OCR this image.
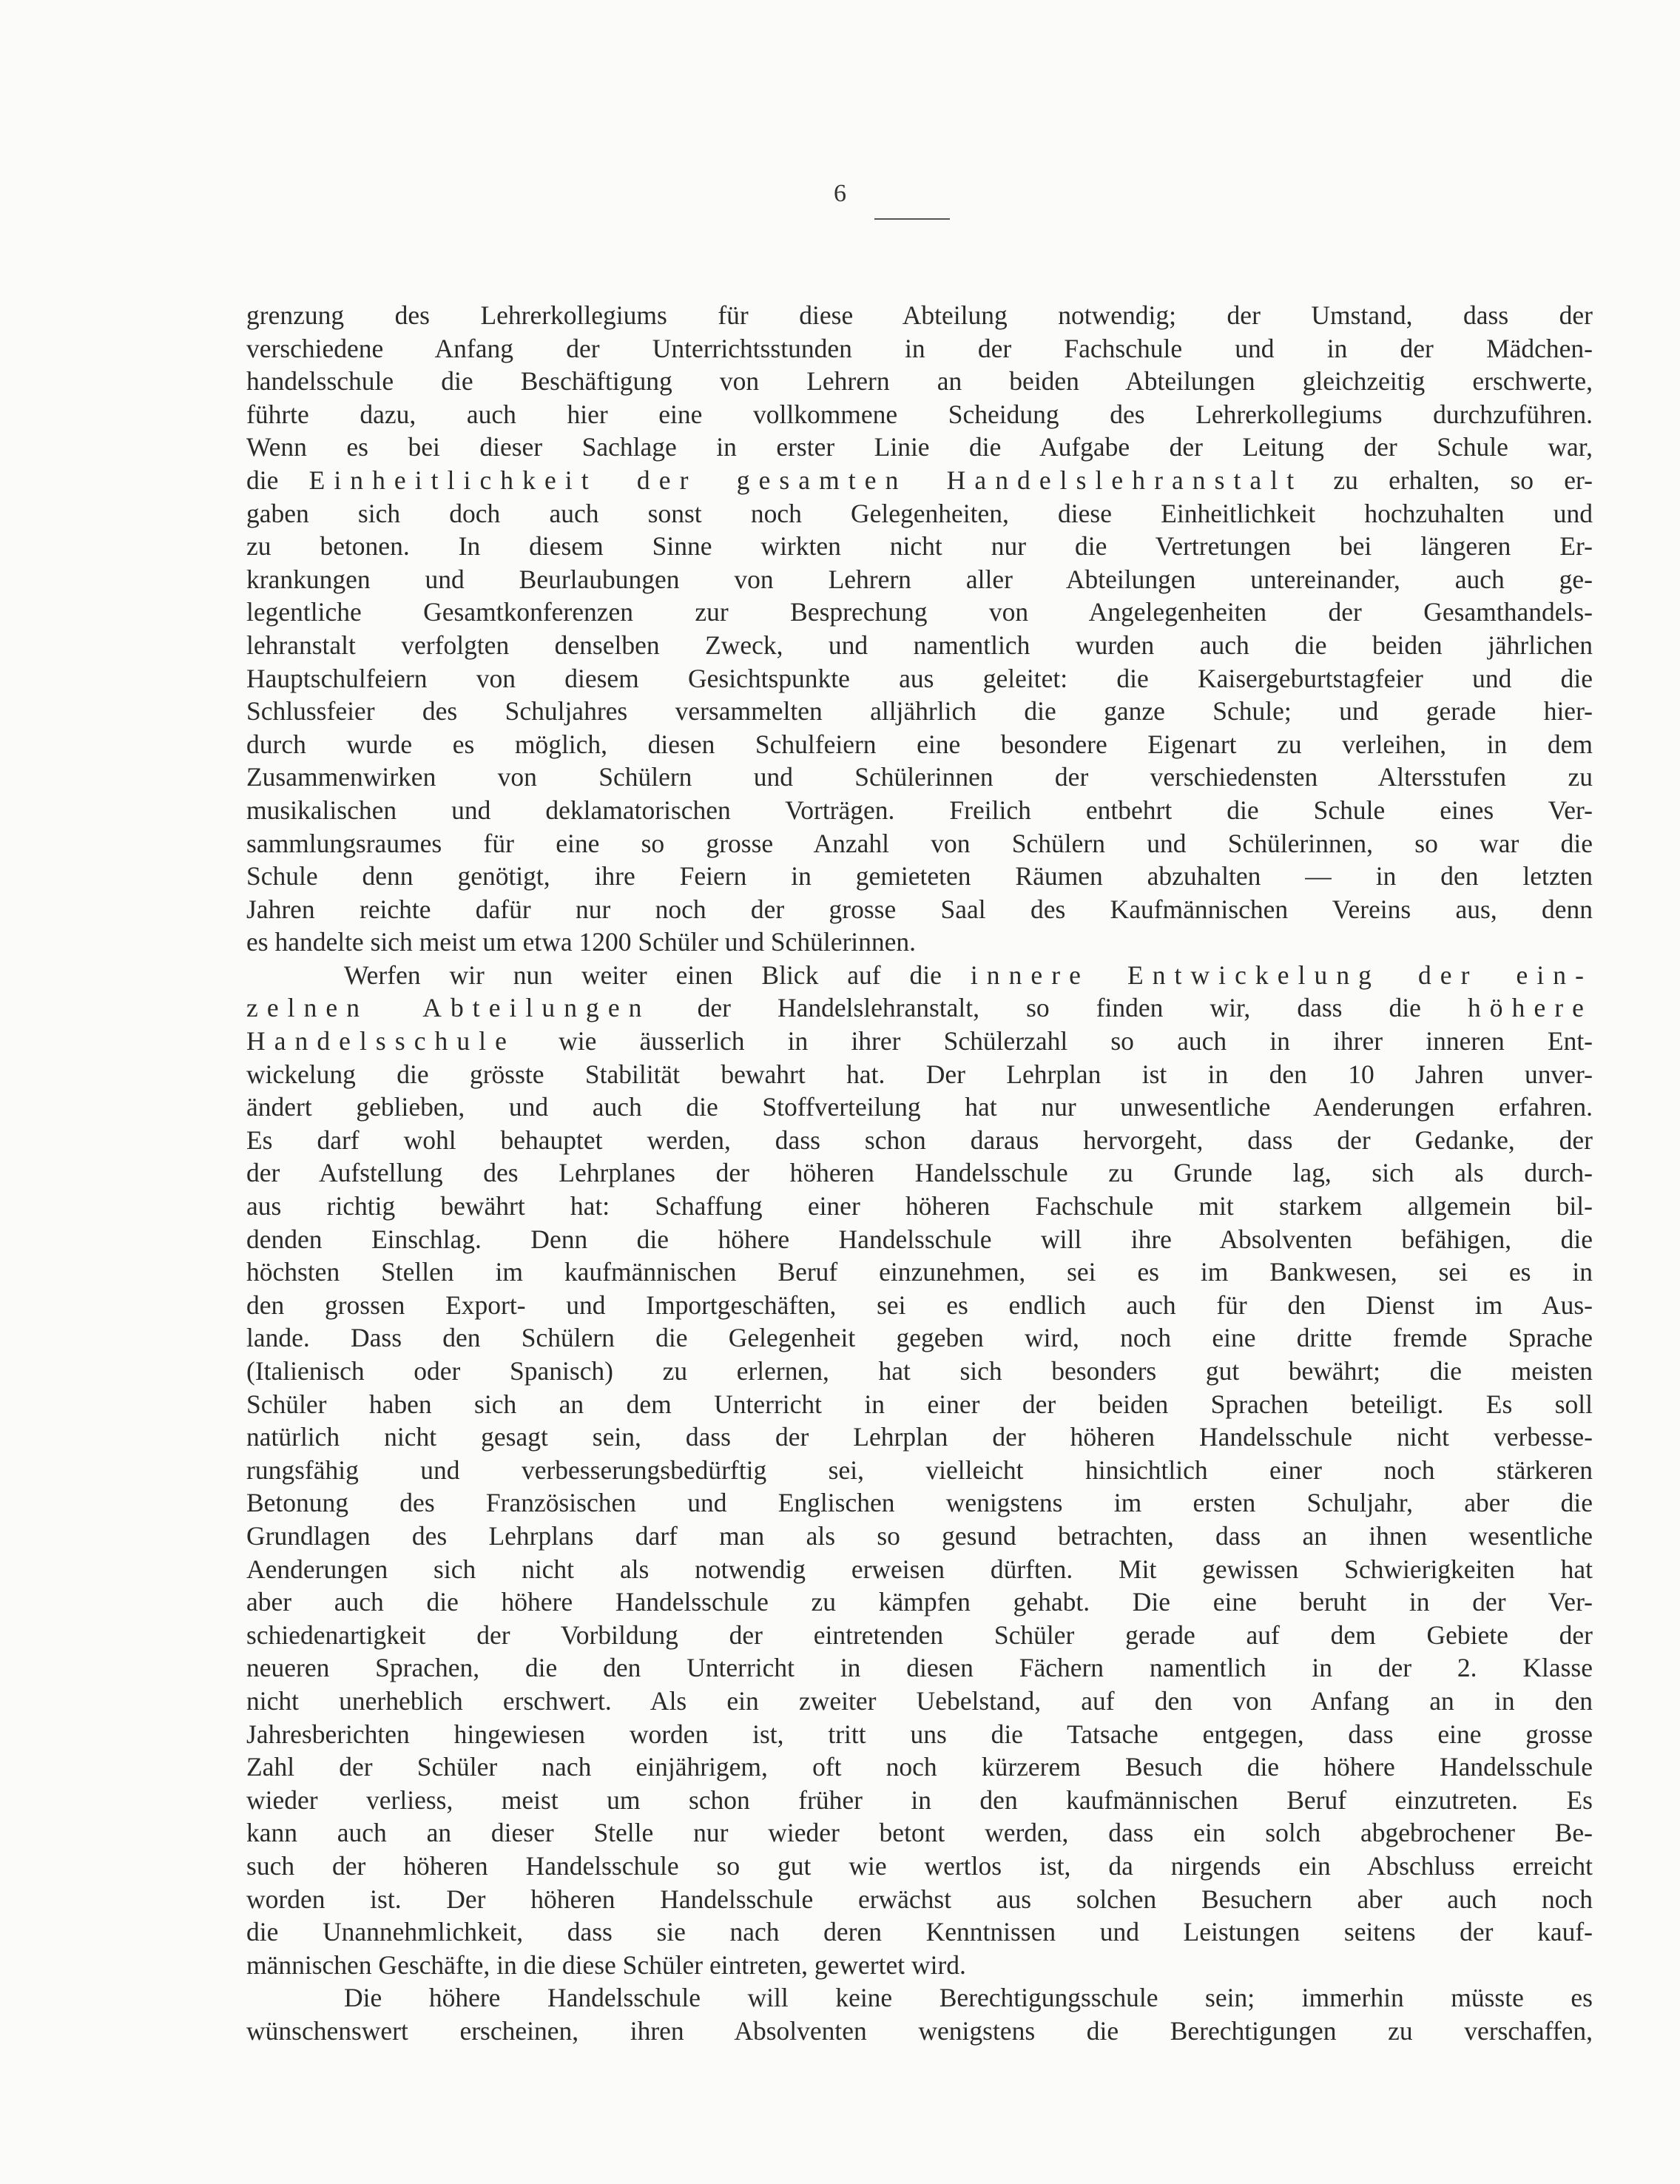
6
grenzung des Lehrerkollegiums für diese Abteilung notwendig; der Umstand, dass der
verschiedene Anfang der Unterrichtsstunden in der Fachschule und in der Mädchen-
handelsschule die Beschäftigung von Lehrern an beiden Abteilungen gleichzeitig erschwerte,
führte dazu, auch hier eine vollkommene Scheidung des Lehrerkollegiums durchzuführen.
Wenn es bei dieser Sachlage in erster Linie die Aufgabe der Leitung der Schule war,
die Einheitlichkeit der gesamten Handelslehranstalt zu erhalten, so er-
gaben sich doch auch sonst noch Gelegenheiten, diese Einheitlichkeit hochzuhalten und
zu betonen. In diesem Sinne wirkten nicht nur die Vertretungen bei längeren Er-
krankungen und Beurlaubungen von Lehrern aller Abteilungen untereinander, auch ge-
legentliche Gesamtkonferenzen zur Besprechung von Angelegenheiten der Gesamthandels-
lehranstalt verfolgten denselben Zweck, und namentlich wurden auch die beiden jährlichen
Hauptschulfeiern von diesem Gesichtspunkte aus geleitet: die Kaisergeburtstagfeier und die
Schlussfeier des Schuljahres versammelten alljährlich die ganze Schule; und gerade hier-
durch wurde es möglich, diesen Schulfeiern eine besondere Eigenart zu verleihen, in dem
Zusammenwirken von Schülern und Schülerinnen der verschiedensten Altersstufen zu
musikalischen und deklamatorischen Vorträgen. Freilich entbehrt die Schule eines Ver-
sammlungsraumes für eine so grosse Anzahl von Schülern und Schülerinnen, so war die
Schule denn genötigt, ihre Feiern in gemieteten Räumen abzuhalten — in den letzten
Jahren reichte dafür nur noch der grosse Saal des Kaufmännischen Vereins aus, denn
es handelte sich meist um etwa 1200 Schüler und Schülerinnen.
Werfen wir nun weiter einen Blick auf die innere Entwickelung der ein-
zelnen Abteilungen der Handelslehranstalt, so finden wir, dass die höhere
Handelsschule wie äusserlich in ihrer Schülerzahl so auch in ihrer inneren Ent-
wickelung die grösste Stabilität bewahrt hat. Der Lehrplan ist in den 10 Jahren unver-
ändert geblieben, und auch die Stoffverteilung hat nur unwesentliche Aenderungen erfahren.
Es darf wohl behauptet werden, dass schon daraus hervorgeht, dass der Gedanke, der
der Aufstellung des Lehrplanes der höheren Handelsschule zu Grunde lag, sich als durch-
aus richtig bewährt hat: Schaffung einer höheren Fachschule mit starkem allgemein bil-
denden Einschlag. Denn die höhere Handelsschule will ihre Absolventen befähigen, die
höchsten Stellen im kaufmännischen Beruf einzunehmen, sei es im Bankwesen, sei es in
den grossen Export- und Importgeschäften, sei es endlich auch für den Dienst im Aus-
lande. Dass den Schülern die Gelegenheit gegeben wird, noch eine dritte fremde Sprache
(Italienisch oder Spanisch) zu erlernen, hat sich besonders gut bewährt; die meisten
Schüler haben sich an dem Unterricht in einer der beiden Sprachen beteiligt. Es soll
natürlich nicht gesagt sein, dass der Lehrplan der höheren Handelsschule nicht verbesse-
rungsfähig und verbesserungsbedürftig sei, vielleicht hinsichtlich einer noch stärkeren
Betonung des Französischen und Englischen wenigstens im ersten Schuljahr, aber die
Grundlagen des Lehrplans darf man als so gesund betrachten, dass an ihnen wesentliche
Aenderungen sich nicht als notwendig erweisen dürften. Mit gewissen Schwierigkeiten hat
aber auch die höhere Handelsschule zu kämpfen gehabt. Die eine beruht in der Ver-
schiedenartigkeit der Vorbildung der eintretenden Schüler gerade auf dem Gebiete der
neueren Sprachen, die den Unterricht in diesen Fächern namentlich in der 2. Klasse
nicht unerheblich erschwert. Als ein zweiter Uebelstand, auf den von Anfang an in den
Jahresberichten hingewiesen worden ist, tritt uns die Tatsache entgegen, dass eine grosse
Zahl der Schüler nach einjährigem, oft noch kürzerem Besuch die höhere Handelsschule
wieder verliess, meist um schon früher in den kaufmännischen Beruf einzutreten. Es
kann auch an dieser Stelle nur wieder betont werden, dass ein solch abgebrochener Be-
such der höheren Handelsschule so gut wie wertlos ist, da nirgends ein Abschluss erreicht
worden ist. Der höheren Handelsschule erwächst aus solchen Besuchern aber auch noch
die Unannehmlichkeit, dass sie nach deren Kenntnissen und Leistungen seitens der kauf-
männischen Geschäfte, in die diese Schüler eintreten, gewertet wird.
Die höhere Handelsschule will keine Berechtigungsschule sein; immerhin müsste es
wünschenswert erscheinen, ihren Absolventen wenigstens die Berechtigungen zu verschaffen,
